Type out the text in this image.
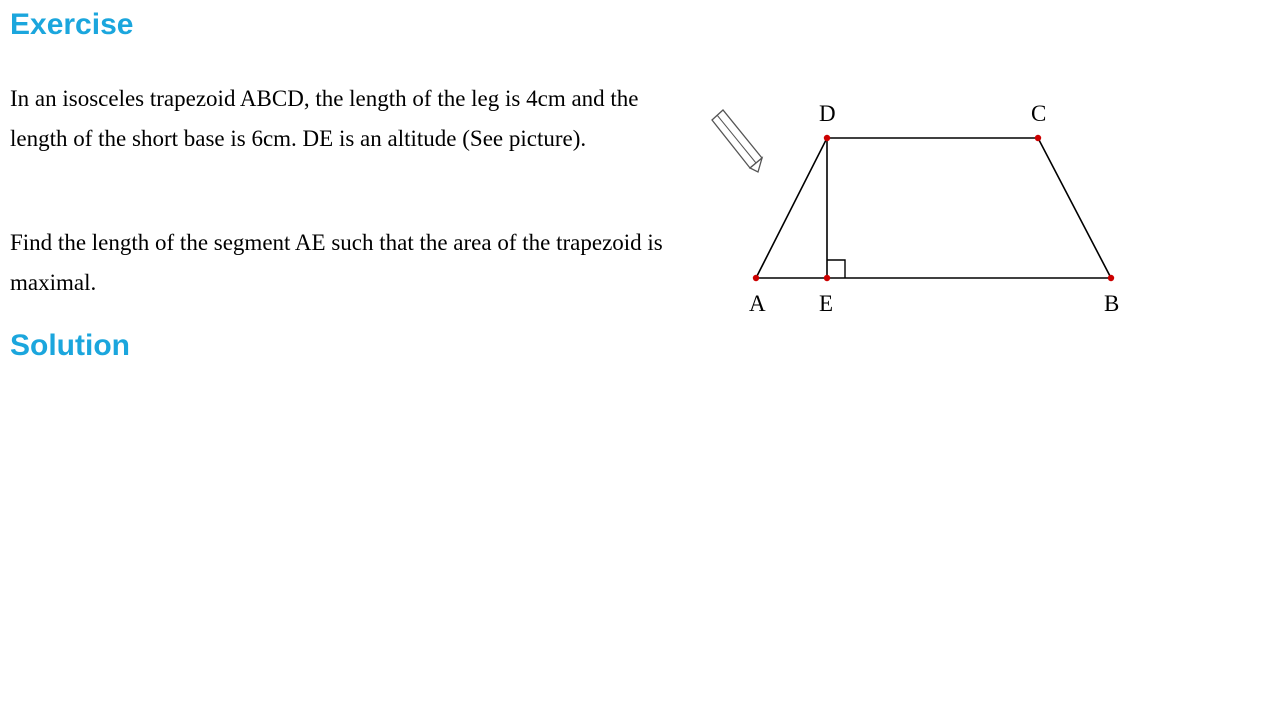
Exercise
In an isosceles trapezoid ABCD, the length of the leg is 4cm and the length of the short base is 6cm. DE is an altitude (See picture).
Find the length of the segment AE such that the area of the trapezoid is maximal.
Solution
A	B
C
D
E
